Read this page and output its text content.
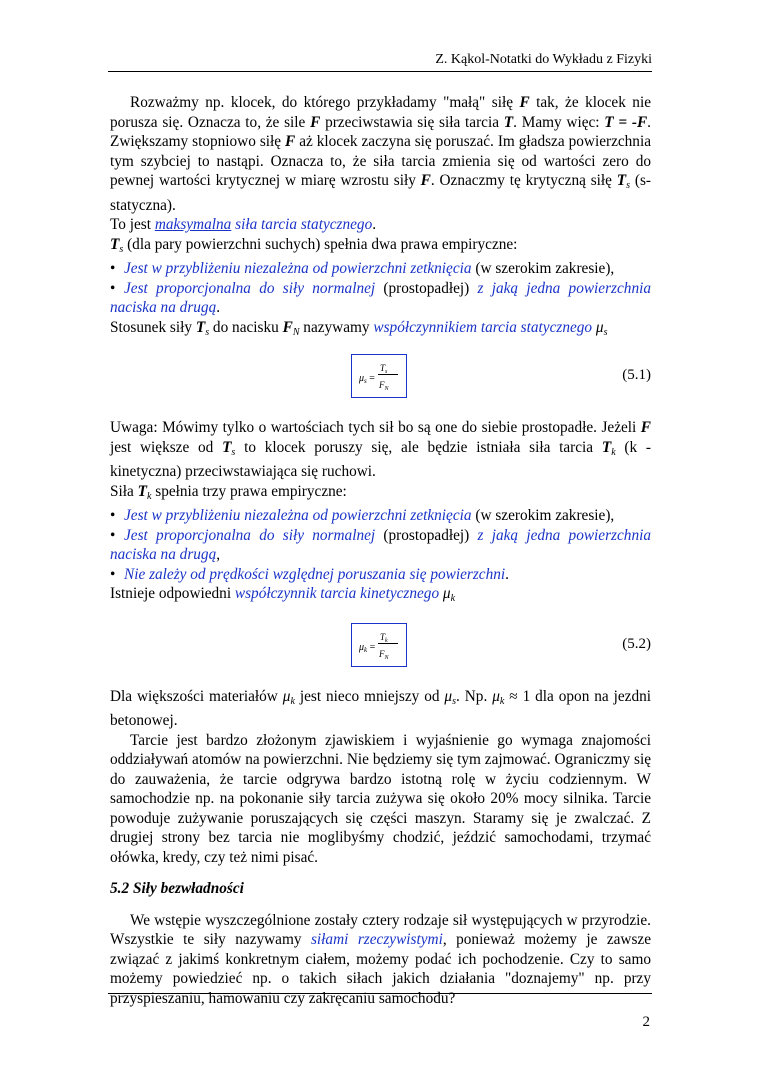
Z. Kąkol-Notatki do Wykładu z Fizyki

Rozważmy np. klocek, do którego przykładamy "małą" siłę F tak, że klocek nie porusza się. Oznacza to, że sile F przeciwstawia się siła tarcia T. Mamy więc: T = -F. Zwiększamy stopniowo siłę F aż klocek zaczyna się poruszać. Im gładsza powierzchnia tym szybciej to nastąpi. Oznacza to, że siła tarcia zmienia się od wartości zero do pewnej wartości krytycznej w miarę wzrostu siły F. Oznaczmy tę krytyczną siłę $T_s$ (s-statyczna).

To jest maksymalna siła tarcia statycznego.

$T_s$ (dla pary powierzchni suchych) spełnia dwa prawa empiryczne:

• Jest w przybliżeniu niezależna od powierzchni zetknięcia (w szerokim zakresie),

• Jest proporcjonalna do siły normalnej (prostopadłej) z jaką jedna powierzchnia naciska na drugą.

Stosunek siły $T_s$ do nacisku $F_N$ nazywamy współczynnikiem tarcia statycznego $\mu_s$

$\mu_s$ =
$T_s$
$F_N$
(5.1)

Uwaga: Mówimy tylko o wartościach tych sił bo są one do siebie prostopadłe. Jeżeli F jest większe od $T_s$ to klocek poruszy się, ale będzie istniała siła tarcia $T_k$ (k - kinetyczna) przeciwstawiająca się ruchowi.

Siła $T_k$ spełnia trzy prawa empiryczne:

• Jest w przybliżeniu niezależna od powierzchni zetknięcia (w szerokim zakresie),

• Jest proporcjonalna do siły normalnej (prostopadłej) z jaką jedna powierzchnia naciska na drugą,

• Nie zależy od prędkości względnej poruszania się powierzchni.

Istnieje odpowiedni współczynnik tarcia kinetycznego $\mu_k$

$\mu_k$ =
$T_k$
$F_N$
(5.2)

Dla większości materiałów $\mu_k$ jest nieco mniejszy od $\mu_s$. Np. $\mu_k \approx 1$ dla opon na jezdni betonowej.

Tarcie jest bardzo złożonym zjawiskiem i wyjaśnienie go wymaga znajomości oddziaływań atomów na powierzchni. Nie będziemy się tym zajmować. Ograniczmy się do zauważenia, że tarcie odgrywa bardzo istotną rolę w życiu codziennym. W samochodzie np. na pokonanie siły tarcia zużywa się około 20% mocy silnika. Tarcie powoduje zużywanie poruszających się części maszyn. Staramy się je zwalczać. Z drugiej strony bez tarcia nie moglibyśmy chodzić, jeździć samochodami, trzymać ołówka, kredy, czy też nimi pisać.

5.2 Siły bezwładności

We wstępie wyszczególnione zostały cztery rodzaje sił występujących w przyrodzie. Wszystkie te siły nazywamy siłami rzeczywistymi, ponieważ możemy je zawsze związać z jakimś konkretnym ciałem, możemy podać ich pochodzenie. Czy to samo możemy powiedzieć np. o takich siłach jakich działania "doznajemy" np. przy przyspieszaniu, hamowaniu czy zakręcaniu samochodu?

2
